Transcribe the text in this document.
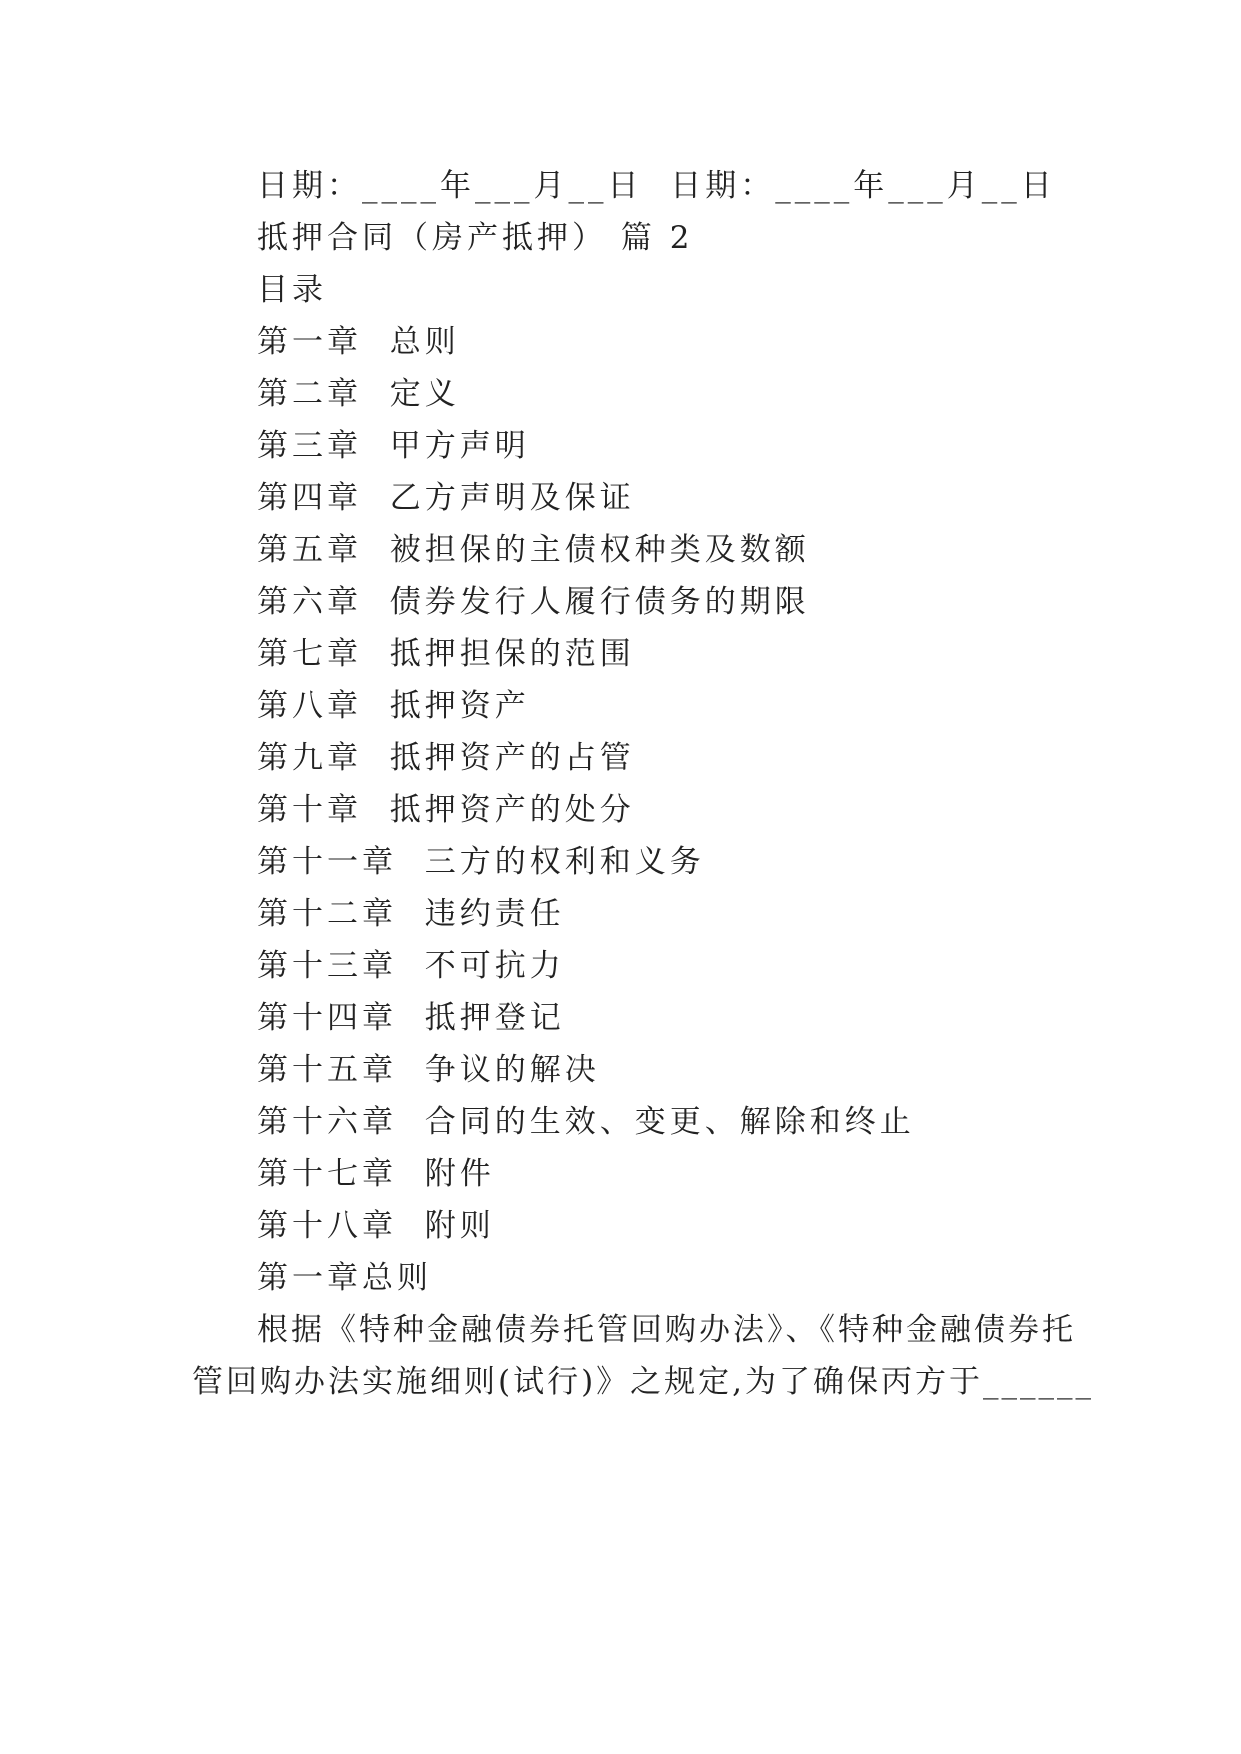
日期：____年___月__日  日期：____年___月__日
抵押合同（房产抵押） 篇 2
目录
第一章  总则
第二章  定义
第三章  甲方声明
第四章  乙方声明及保证
第五章  被担保的主债权种类及数额
第六章  债券发行人履行债务的期限
第七章  抵押担保的范围
第八章  抵押资产
第九章  抵押资产的占管
第十章  抵押资产的处分
第十一章  三方的权利和义务
第十二章  违约责任
第十三章  不可抗力
第十四章  抵押登记
第十五章  争议的解决
第十六章  合同的生效、变更、解除和终止
第十七章  附件
第十八章  附则
第一章总则
根据《特种金融债券托管回购办法》、《特种金融债券托
管回购办法实施细则(试行)》之规定,为了确保丙方于______
